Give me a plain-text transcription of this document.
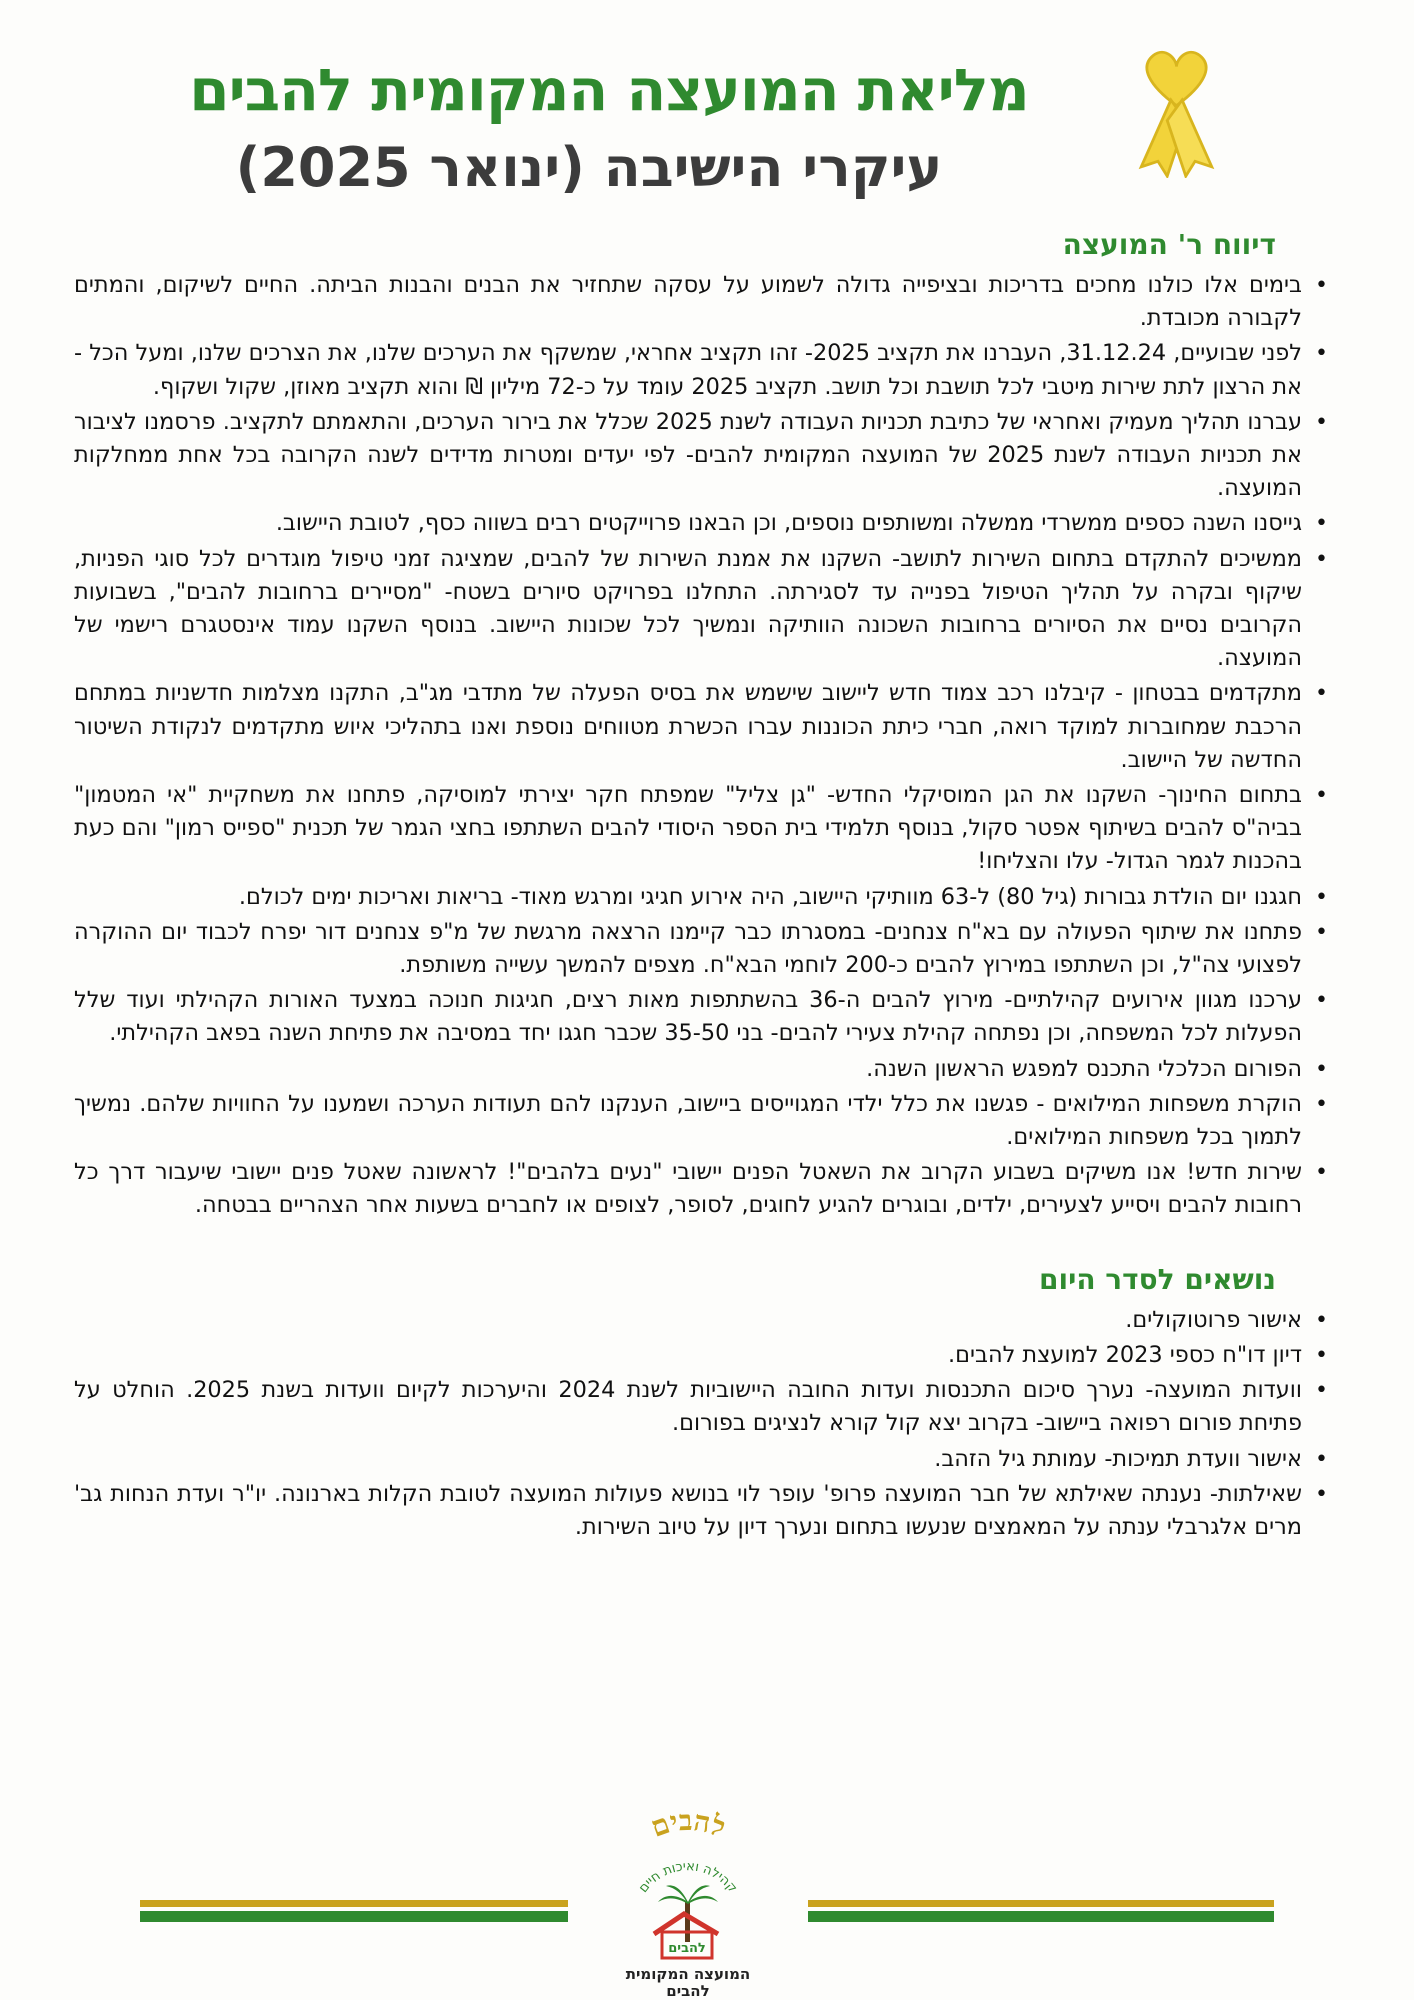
מליאת המועצה המקומית להבים
עיקרי הישיבה (ינואר 2025)
דיווח ר' המועצה
• בימים אלו כולנו מחכים בדריכות ובציפייה גדולה לשמוע על עסקה שתחזיר את הבנים והבנות הביתה. החיים לשיקום, והמתים לקבורה מכובדת.
• לפני שבועיים, 31.12.24, העברנו את תקציב 2025- זהו תקציב אחראי, שמשקף את הערכים שלנו, את הצרכים שלנו, ומעל הכל - את הרצון לתת שירות מיטבי לכל תושבת וכל תושב. תקציב 2025 עומד על כ-72 מיליון ₪ והוא תקציב מאוזן, שקול ושקוף.
• עברנו תהליך מעמיק ואחראי של כתיבת תכניות העבודה לשנת 2025 שכלל את בירור הערכים, והתאמתם לתקציב. פרסמנו לציבור את תכניות העבודה לשנת 2025 של המועצה המקומית להבים- לפי יעדים ומטרות מדידים לשנה הקרובה בכל אחת ממחלקות המועצה.
• גייסנו השנה כספים ממשרדי ממשלה ומשותפים נוספים, וכן הבאנו פרוייקטים רבים בשווה כסף, לטובת היישוב.
• ממשיכים להתקדם בתחום השירות לתושב- השקנו את אמנת השירות של להבים, שמציגה זמני טיפול מוגדרים לכל סוגי הפניות, שיקוף ובקרה על תהליך הטיפול בפנייה עד לסגירתה. התחלנו בפרויקט סיורים בשטח- "מסיירים ברחובות להבים", בשבועות הקרובים נסיים את הסיורים ברחובות השכונה הוותיקה ונמשיך לכל שכונות היישוב. בנוסף השקנו עמוד אינסטגרם רישמי של המועצה.
• מתקדמים בבטחון - קיבלנו רכב צמוד חדש ליישוב שישמש את בסיס הפעלה של מתדבי מג"ב, התקנו מצלמות חדשניות במתחם הרכבת שמחוברות למוקד רואה, חברי כיתת הכוננות עברו הכשרת מטווחים נוספת ואנו בתהליכי איוש מתקדמים לנקודת השיטור החדשה של היישוב.
• בתחום החינוך- השקנו את הגן המוסיקלי החדש- "גן צליל" שמפתח חקר יצירתי למוסיקה, פתחנו את משחקיית "אי המטמון" בביה"ס להבים בשיתוף אפטר סקול, בנוסף תלמידי בית הספר היסודי להבים השתתפו בחצי הגמר של תכנית "ספייס רמון" והם כעת בהכנות לגמר הגדול- עלו והצליחו!
• חגגנו יום הולדת גבורות (גיל 80) ל-63 מוותיקי היישוב, היה אירוע חגיגי ומרגש מאוד- בריאות ואריכות ימים לכולם.
• פתחנו את שיתוף הפעולה עם בא"ח צנחנים- במסגרתו כבר קיימנו הרצאה מרגשת של מ"פ צנחנים דור יפרח לכבוד יום ההוקרה לפצועי צה"ל, וכן השתתפו במירוץ להבים כ-200 לוחמי הבא"ח. מצפים להמשך עשייה משותפת.
• ערכנו מגוון אירועים קהילתיים- מירוץ להבים ה-36 בהשתתפות מאות רצים, חגיגות חנוכה במצעד האורות הקהילתי ועוד שלל הפעלות לכל המשפחה, וכן נפתחה קהילת צעירי להבים- בני 35-50 שכבר חגגו יחד במסיבה את פתיחת השנה בפאב הקהילתי.
• הפורום הכלכלי התכנס למפגש הראשון השנה.
• הוקרת משפחות המילואים - פגשנו את כלל ילדי המגוייסים ביישוב, הענקנו להם תעודות הערכה ושמענו על החוויות שלהם. נמשיך לתמוך בכל משפחות המילואים.
• שירות חדש! אנו משיקים בשבוע הקרוב את השאטל הפנים יישובי "נעים בלהבים"! לראשונה שאטל פנים יישובי שיעבור דרך כל רחובות להבים ויסייע לצעירים, ילדים, ובוגרים להגיע לחוגים, לסופר, לצופים או לחברים בשעות אחר הצהריים בבטחה.
נושאים לסדר היום
• אישור פרוטוקולים.
• דיון דו"ח כספי 2023 למועצת להבים.
• וועדות המועצה- נערך סיכום התכנסות ועדות החובה היישוביות לשנת 2024 והיערכות לקיום וועדות בשנת 2025. הוחלט על פתיחת פורום רפואה ביישוב- בקרוב יצא קול קורא לנציגים בפורום.
• אישור וועדת תמיכות- עמותת גיל הזהב.
• שאילתות- נענתה שאילתא של חבר המועצה פרופ' עופר לוי בנושא פעולות המועצה לטובת הקלות בארנונה. יו"ר ועדת הנחות גב' מרים אלגרבלי ענתה על המאמצים שנעשו בתחום ונערך דיון על טיוב השירות.
להבים
קהילה ואיכות חיים
להבים
המועצה המקומית
להבים
